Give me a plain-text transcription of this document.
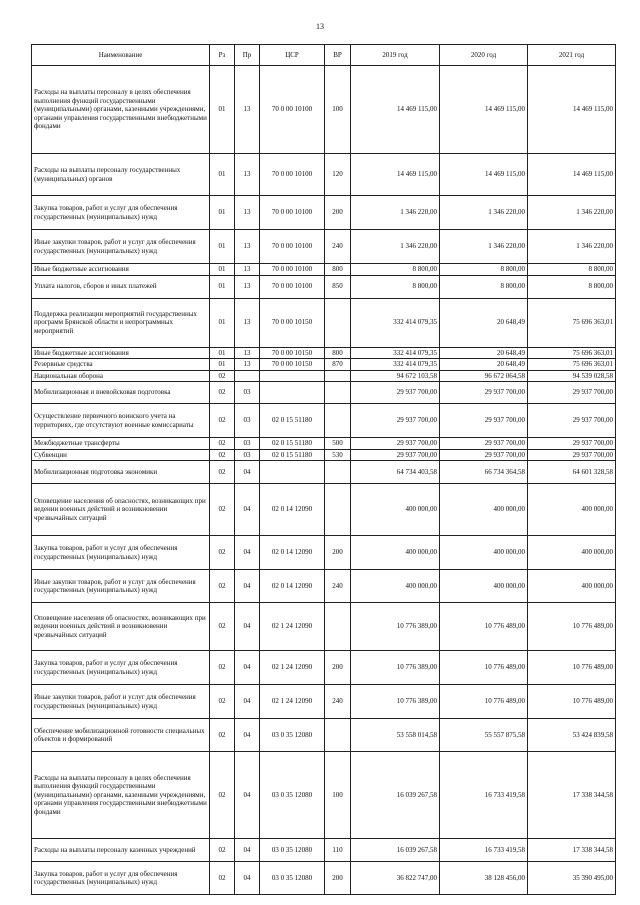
13
Наименование	Рз	Пр	ЦСР	ВР	2019 год	2020 год	2021 год
Расходы на выплаты персоналу в целях обеспечения выполнения функций государственными (муниципальными) органами, казенными учреждениями, органами управления государственными внебюджетными фондами	01	13	70 0 00 10100	100	14 469 115,00	14 469 115,00	14 469 115,00
Расходы на выплаты персоналу государственных (муниципальных) органов	01	13	70 0 00 10100	120	14 469 115,00	14 469 115,00	14 469 115,00
Закупка товаров, работ и услуг для обеспечения государственных (муниципальных) нужд	01	13	70 0 00 10100	200	1 346 220,00	1 346 220,00	1 346 220,00
Иные закупки товаров, работ и услуг для обеспечения государственных (муниципальных) нужд	01	13	70 0 00 10100	240	1 346 220,00	1 346 220,00	1 346 220,00
Иные бюджетные ассигнования	01	13	70 0 00 10100	800	8 800,00	8 800,00	8 800,00
Уплата налогов, сборов и иных платежей	01	13	70 0 00 10100	850	8 800,00	8 800,00	8 800,00
Поддержка реализации мероприятий государственных программ Брянской области и непрограммных мероприятий	01	13	70 0 00 10150		332 414 079,35	20 648,49	75 696 363,01
Иные бюджетные ассигнования	01	13	70 0 00 10150	800	332 414 079,35	20 648,49	75 696 363,01
Резервные средства	01	13	70 0 00 10150	870	332 414 079,35	20 648,49	75 696 363,01
Национальная оборона	02				94 672 103,58	96 672 064,58	94 539 028,58
Мобилизационная и вневойсковая подготовка	02	03			29 937 700,00	29 937 700,00	29 937 700,00
Осуществление первичного воинского учета на территориях, где отсутствуют военные комиссариаты	02	03	02 0 15 51180		29 937 700,00	29 937 700,00	29 937 700,00
Межбюджетные трансферты	02	03	02 0 15 51180	500	29 937 700,00	29 937 700,00	29 937 700,00
Субвенции	02	03	02 0 15 51180	530	29 937 700,00	29 937 700,00	29 937 700,00
Мобилизационная подготовка экономики	02	04			64 734 403,58	66 734 364,58	64 601 328,58
Оповещение населения об опасностях, возникающих при ведении военных действий и возникновении чрезвычайных ситуаций	02	04	02 0 14 12090		400 000,00	400 000,00	400 000,00
Закупка товаров, работ и услуг для обеспечения государственных (муниципальных) нужд	02	04	02 0 14 12090	200	400 000,00	400 000,00	400 000,00
Иные закупки товаров, работ и услуг для обеспечения государственных (муниципальных) нужд	02	04	02 0 14 12090	240	400 000,00	400 000,00	400 000,00
Оповещение населения об опасностях, возникающих при ведении военных действий и возникновении чрезвычайных ситуаций	02	04	02 1 24 12090		10 776 389,00	10 776 489,00	10 776 489,00
Закупка товаров, работ и услуг для обеспечения государственных (муниципальных) нужд	02	04	02 1 24 12090	200	10 776 389,00	10 776 489,00	10 776 489,00
Иные закупки товаров, работ и услуг для обеспечения государственных (муниципальных) нужд	02	04	02 1 24 12090	240	10 776 389,00	10 776 489,00	10 776 489,00
Обеспечение мобилизационной готовности специальных объектов и формирований	02	04	03 0 35 12080		53 558 014,58	55 557 875,58	53 424 839,58
Расходы на выплаты персоналу в целях обеспечения выполнения функций государственными (муниципальными) органами, казенными учреждениями, органами управления государственными внебюджетными фондами	02	04	03 0 35 12080	100	16 039 267,58	16 733 419,58	17 338 344,58
Расходы на выплаты персоналу казенных учреждений	02	04	03 0 35 12080	110	16 039 267,58	16 733 419,58	17 338 344,58
Закупка товаров, работ и услуг для обеспечения государственных (муниципальных) нужд	02	04	03 0 35 12080	200	36 822 747,00	38 128 456,00	35 390 495,00
